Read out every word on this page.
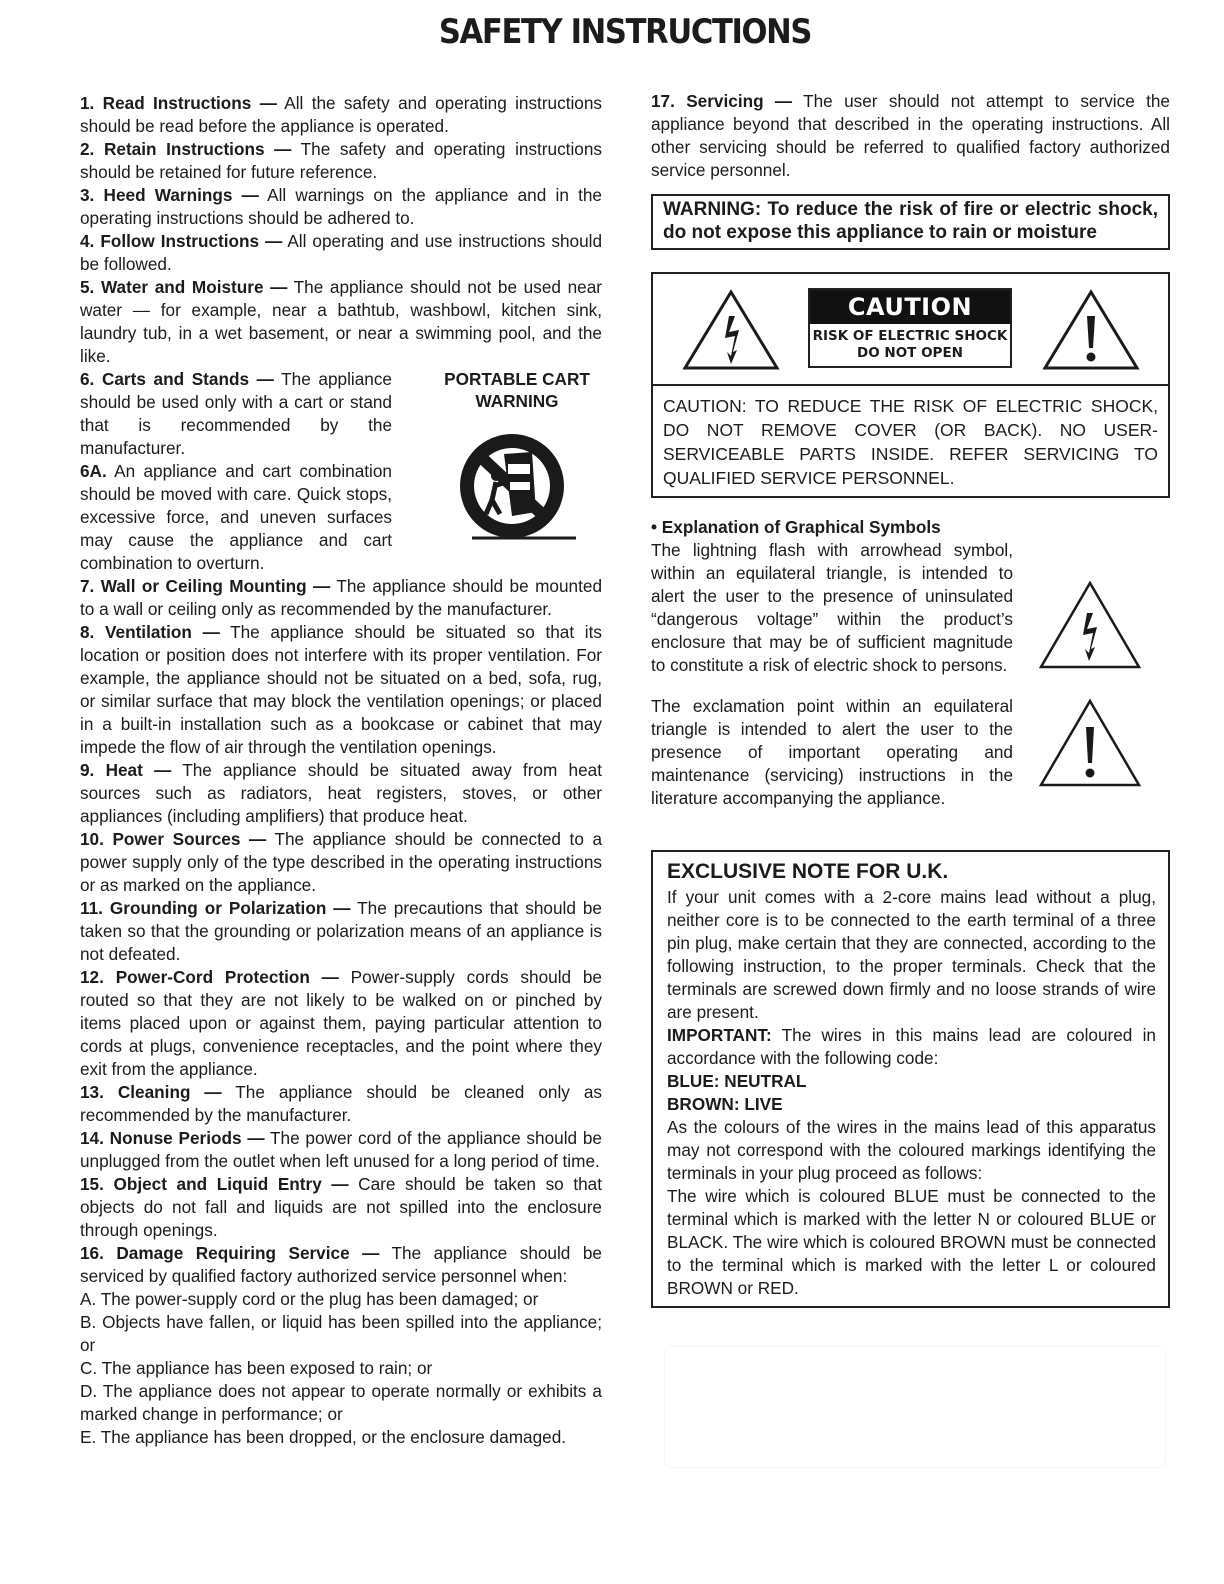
SAFETY INSTRUCTIONS
1. Read Instructions — All the safety and operating instructions should be read before the appliance is operated.
2. Retain Instructions — The safety and operating instructions should be retained for future reference.
3. Heed Warnings — All warnings on the appliance and in the operating instructions should be adhered to.
4. Follow Instructions — All operating and use instructions should be followed.
5. Water and Moisture — The appliance should not be used near water — for example, near a bathtub, washbowl, kitchen sink, laundry tub, in a wet basement, or near a swimming pool, and the like.
6. Carts and Stands — The appliance should be used only with a cart or stand that is recommended by the manufacturer.
6A. An appliance and cart combination should be moved with care. Quick stops, excessive force, and uneven surfaces may cause the appliance and cart combination to overturn.
PORTABLE CART
WARNING
7. Wall or Ceiling Mounting — The appliance should be mounted to a wall or ceiling only as recommended by the manufacturer.
8. Ventilation — The appliance should be situated so that its location or position does not interfere with its proper ventilation. For example, the appliance should not be situated on a bed, sofa, rug, or similar surface that may block the ventilation openings; or placed in a built-in installation such as a bookcase or cabinet that may impede the flow of air through the ventilation openings.
9. Heat — The appliance should be situated away from heat sources such as radiators, heat registers, stoves, or other appliances (including amplifiers) that produce heat.
10. Power Sources — The appliance should be connected to a power supply only of the type described in the operating instructions or as marked on the appliance.
11. Grounding or Polarization — The precautions that should be taken so that the grounding or polarization means of an appliance is not defeated.
12. Power-Cord Protection — Power-supply cords should be routed so that they are not likely to be walked on or pinched by items placed upon or against them, paying particular attention to cords at plugs, convenience receptacles, and the point where they exit from the appliance.
13. Cleaning — The appliance should be cleaned only as recommended by the manufacturer.
14. Nonuse Periods — The power cord of the appliance should be unplugged from the outlet when left unused for a long period of time.
15. Object and Liquid Entry — Care should be taken so that objects do not fall and liquids are not spilled into the enclosure through openings.
16. Damage Requiring Service — The appliance should be serviced by qualified factory authorized service personnel when:
A. The power-supply cord or the plug has been damaged; or
B. Objects have fallen, or liquid has been spilled into the appliance; or
C. The appliance has been exposed to rain; or
D. The appliance does not appear to operate normally or exhibits a marked change in performance; or
E. The appliance has been dropped, or the enclosure damaged.
17. Servicing — The user should not attempt to service the appliance beyond that described in the operating instructions. All other servicing should be referred to qualified factory authorized service personnel.
WARNING: To reduce the risk of fire or electric shock, do not expose this appliance to rain or moisture
CAUTION
RISK OF ELECTRIC SHOCK
DO NOT OPEN
CAUTION: TO REDUCE THE RISK OF ELECTRIC SHOCK, DO NOT REMOVE COVER (OR BACK). NO USER-SERVICEABLE PARTS INSIDE. REFER SERVICING TO QUALIFIED SERVICE PERSONNEL.
• Explanation of Graphical Symbols
The lightning flash with arrowhead symbol, within an equilateral triangle, is intended to alert the user to the presence of uninsulated “dangerous voltage” within the product’s enclosure that may be of sufficient magnitude to constitute a risk of electric shock to persons.
The exclamation point within an equilateral triangle is intended to alert the user to the presence of important operating and maintenance (servicing) instructions in the literature accompanying the appliance.
EXCLUSIVE NOTE FOR U.K.

If your unit comes with a 2-core mains lead without a plug, neither core is to be connected to the earth terminal of a three pin plug, make certain that they are connected, according to the following instruction, to the proper terminals. Check that the terminals are screwed down firmly and no loose strands of wire are present.

IMPORTANT: The wires in this mains lead are coloured in accordance with the following code:

BLUE: NEUTRAL

BROWN: LIVE

As the colours of the wires in the mains lead of this apparatus may not correspond with the coloured markings identifying the terminals in your plug proceed as follows:

The wire which is coloured BLUE must be connected to the terminal which is marked with the letter N or coloured BLUE or BLACK. The wire which is coloured BROWN must be connected to the terminal which is marked with the letter L or coloured BROWN or RED.
